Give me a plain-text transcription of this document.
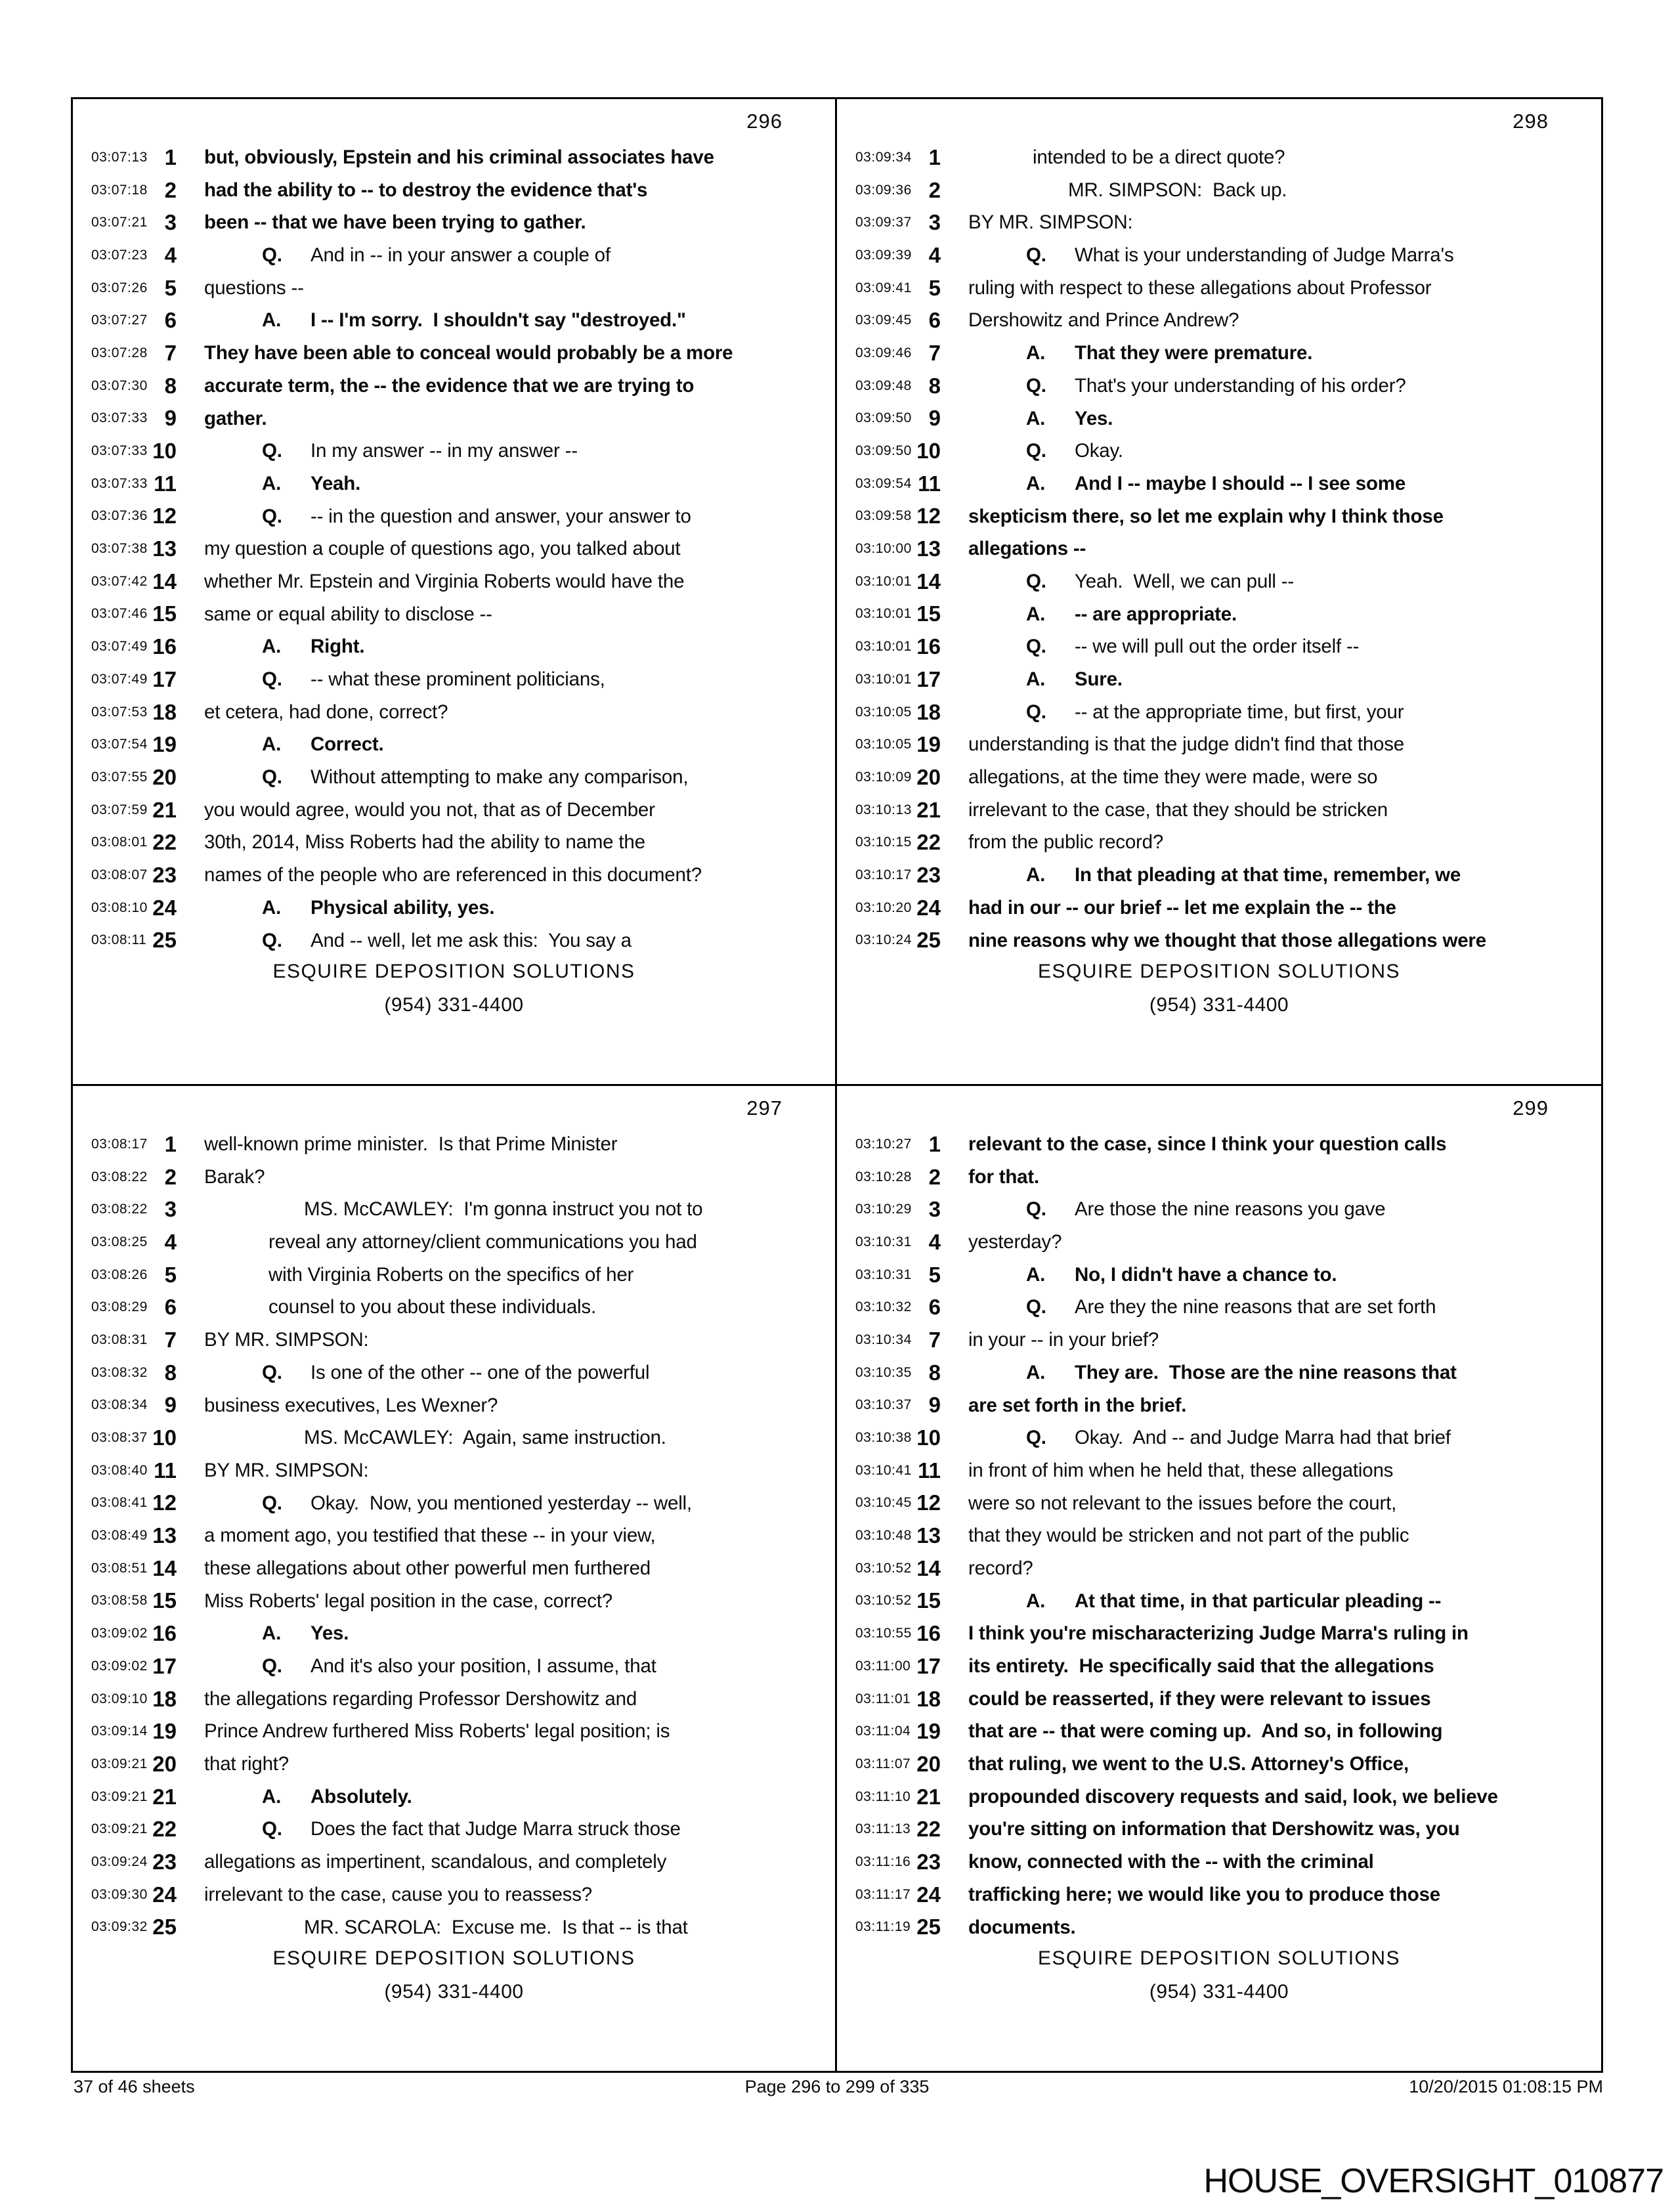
296
03:07:13 1 but, obviously, Epstein and his criminal associates have
03:07:18 2 had the ability to -- to destroy the evidence that's
03:07:21 3 been -- that we have been trying to gather.
03:07:23 4	Q. And in -- in your answer a couple of
03:07:26 5 questions --
03:07:27 6	A. I -- I'm sorry.  I shouldn't say "destroyed."
03:07:28 7 They have been able to conceal would probably be a more
03:07:30 8 accurate term, the -- the evidence that we are trying to
03:07:33 9 gather.
03:07:33 10	Q. In my answer -- in my answer --
03:07:33 11	A. Yeah.
03:07:36 12	Q. -- in the question and answer, your answer to
03:07:38 13 my question a couple of questions ago, you talked about
03:07:42 14 whether Mr. Epstein and Virginia Roberts would have the
03:07:46 15 same or equal ability to disclose --
03:07:49 16	A. Right.
03:07:49 17	Q. -- what these prominent politicians,
03:07:53 18 et cetera, had done, correct?
03:07:54 19	A. Correct.
03:07:55 20	Q. Without attempting to make any comparison,
03:07:59 21 you would agree, would you not, that as of December
03:08:01 22 30th, 2014, Miss Roberts had the ability to name the
03:08:07 23 names of the people who are referenced in this document?
03:08:10 24	A. Physical ability, yes.
03:08:11 25	Q. And -- well, let me ask this:  You say a
ESQUIRE DEPOSITION SOLUTIONS
(954) 331-4400
298
03:09:34 1	intended to be a direct quote?
03:09:36 2	MR. SIMPSON:  Back up.
03:09:37 3 BY MR. SIMPSON:
03:09:39 4	Q. What is your understanding of Judge Marra's
03:09:41 5 ruling with respect to these allegations about Professor
03:09:45 6 Dershowitz and Prince Andrew?
03:09:46 7	A. That they were premature.
03:09:48 8	Q. That's your understanding of his order?
03:09:50 9	A. Yes.
03:09:50 10	Q. Okay.
03:09:54 11	A. And I -- maybe I should -- I see some
03:09:58 12 skepticism there, so let me explain why I think those
03:10:00 13 allegations --
03:10:01 14	Q. Yeah.  Well, we can pull --
03:10:01 15	A. -- are appropriate.
03:10:01 16	Q. -- we will pull out the order itself --
03:10:01 17	A. Sure.
03:10:05 18	Q. -- at the appropriate time, but first, your
03:10:05 19 understanding is that the judge didn't find that those
03:10:09 20 allegations, at the time they were made, were so
03:10:13 21 irrelevant to the case, that they should be stricken
03:10:15 22 from the public record?
03:10:17 23	A. In that pleading at that time, remember, we
03:10:20 24 had in our -- our brief -- let me explain the -- the
03:10:24 25 nine reasons why we thought that those allegations were
ESQUIRE DEPOSITION SOLUTIONS
(954) 331-4400
297
03:08:17 1 well-known prime minister.  Is that Prime Minister
03:08:22 2 Barak?
03:08:22 3	MS. McCAWLEY:  I'm gonna instruct you not to
03:08:25 4	reveal any attorney/client communications you had
03:08:26 5	with Virginia Roberts on the specifics of her
03:08:29 6	counsel to you about these individuals.
03:08:31 7 BY MR. SIMPSON:
03:08:32 8	Q. Is one of the other -- one of the powerful
03:08:34 9 business executives, Les Wexner?
03:08:37 10	MS. McCAWLEY:  Again, same instruction.
03:08:40 11 BY MR. SIMPSON:
03:08:41 12	Q. Okay.  Now, you mentioned yesterday -- well,
03:08:49 13 a moment ago, you testified that these -- in your view,
03:08:51 14 these allegations about other powerful men furthered
03:08:58 15 Miss Roberts' legal position in the case, correct?
03:09:02 16	A. Yes.
03:09:02 17	Q. And it's also your position, I assume, that
03:09:10 18 the allegations regarding Professor Dershowitz and
03:09:14 19 Prince Andrew furthered Miss Roberts' legal position; is
03:09:21 20 that right?
03:09:21 21	A. Absolutely.
03:09:21 22	Q. Does the fact that Judge Marra struck those
03:09:24 23 allegations as impertinent, scandalous, and completely
03:09:30 24 irrelevant to the case, cause you to reassess?
03:09:32 25	MR. SCAROLA:  Excuse me.  Is that -- is that
ESQUIRE DEPOSITION SOLUTIONS
(954) 331-4400
299
03:10:27 1 relevant to the case, since I think your question calls
03:10:28 2 for that.
03:10:29 3	Q. Are those the nine reasons you gave
03:10:31 4 yesterday?
03:10:31 5	A. No, I didn't have a chance to.
03:10:32 6	Q. Are they the nine reasons that are set forth
03:10:34 7 in your -- in your brief?
03:10:35 8	A. They are.  Those are the nine reasons that
03:10:37 9 are set forth in the brief.
03:10:38 10	Q. Okay.  And -- and Judge Marra had that brief
03:10:41 11 in front of him when he held that, these allegations
03:10:45 12 were so not relevant to the issues before the court,
03:10:48 13 that they would be stricken and not part of the public
03:10:52 14 record?
03:10:52 15	A. At that time, in that particular pleading --
03:10:55 16 I think you're mischaracterizing Judge Marra's ruling in
03:11:00 17 its entirety.  He specifically said that the allegations
03:11:01 18 could be reasserted, if they were relevant to issues
03:11:04 19 that are -- that were coming up.  And so, in following
03:11:07 20 that ruling, we went to the U.S. Attorney's Office,
03:11:10 21 propounded discovery requests and said, look, we believe
03:11:13 22 you're sitting on information that Dershowitz was, you
03:11:16 23 know, connected with the -- with the criminal
03:11:17 24 trafficking here; we would like you to produce those
03:11:19 25 documents.
ESQUIRE DEPOSITION SOLUTIONS
(954) 331-4400
37 of 46 sheets	Page 296 to 299 of 335	10/20/2015 01:08:15 PM
HOUSE_OVERSIGHT_010877
